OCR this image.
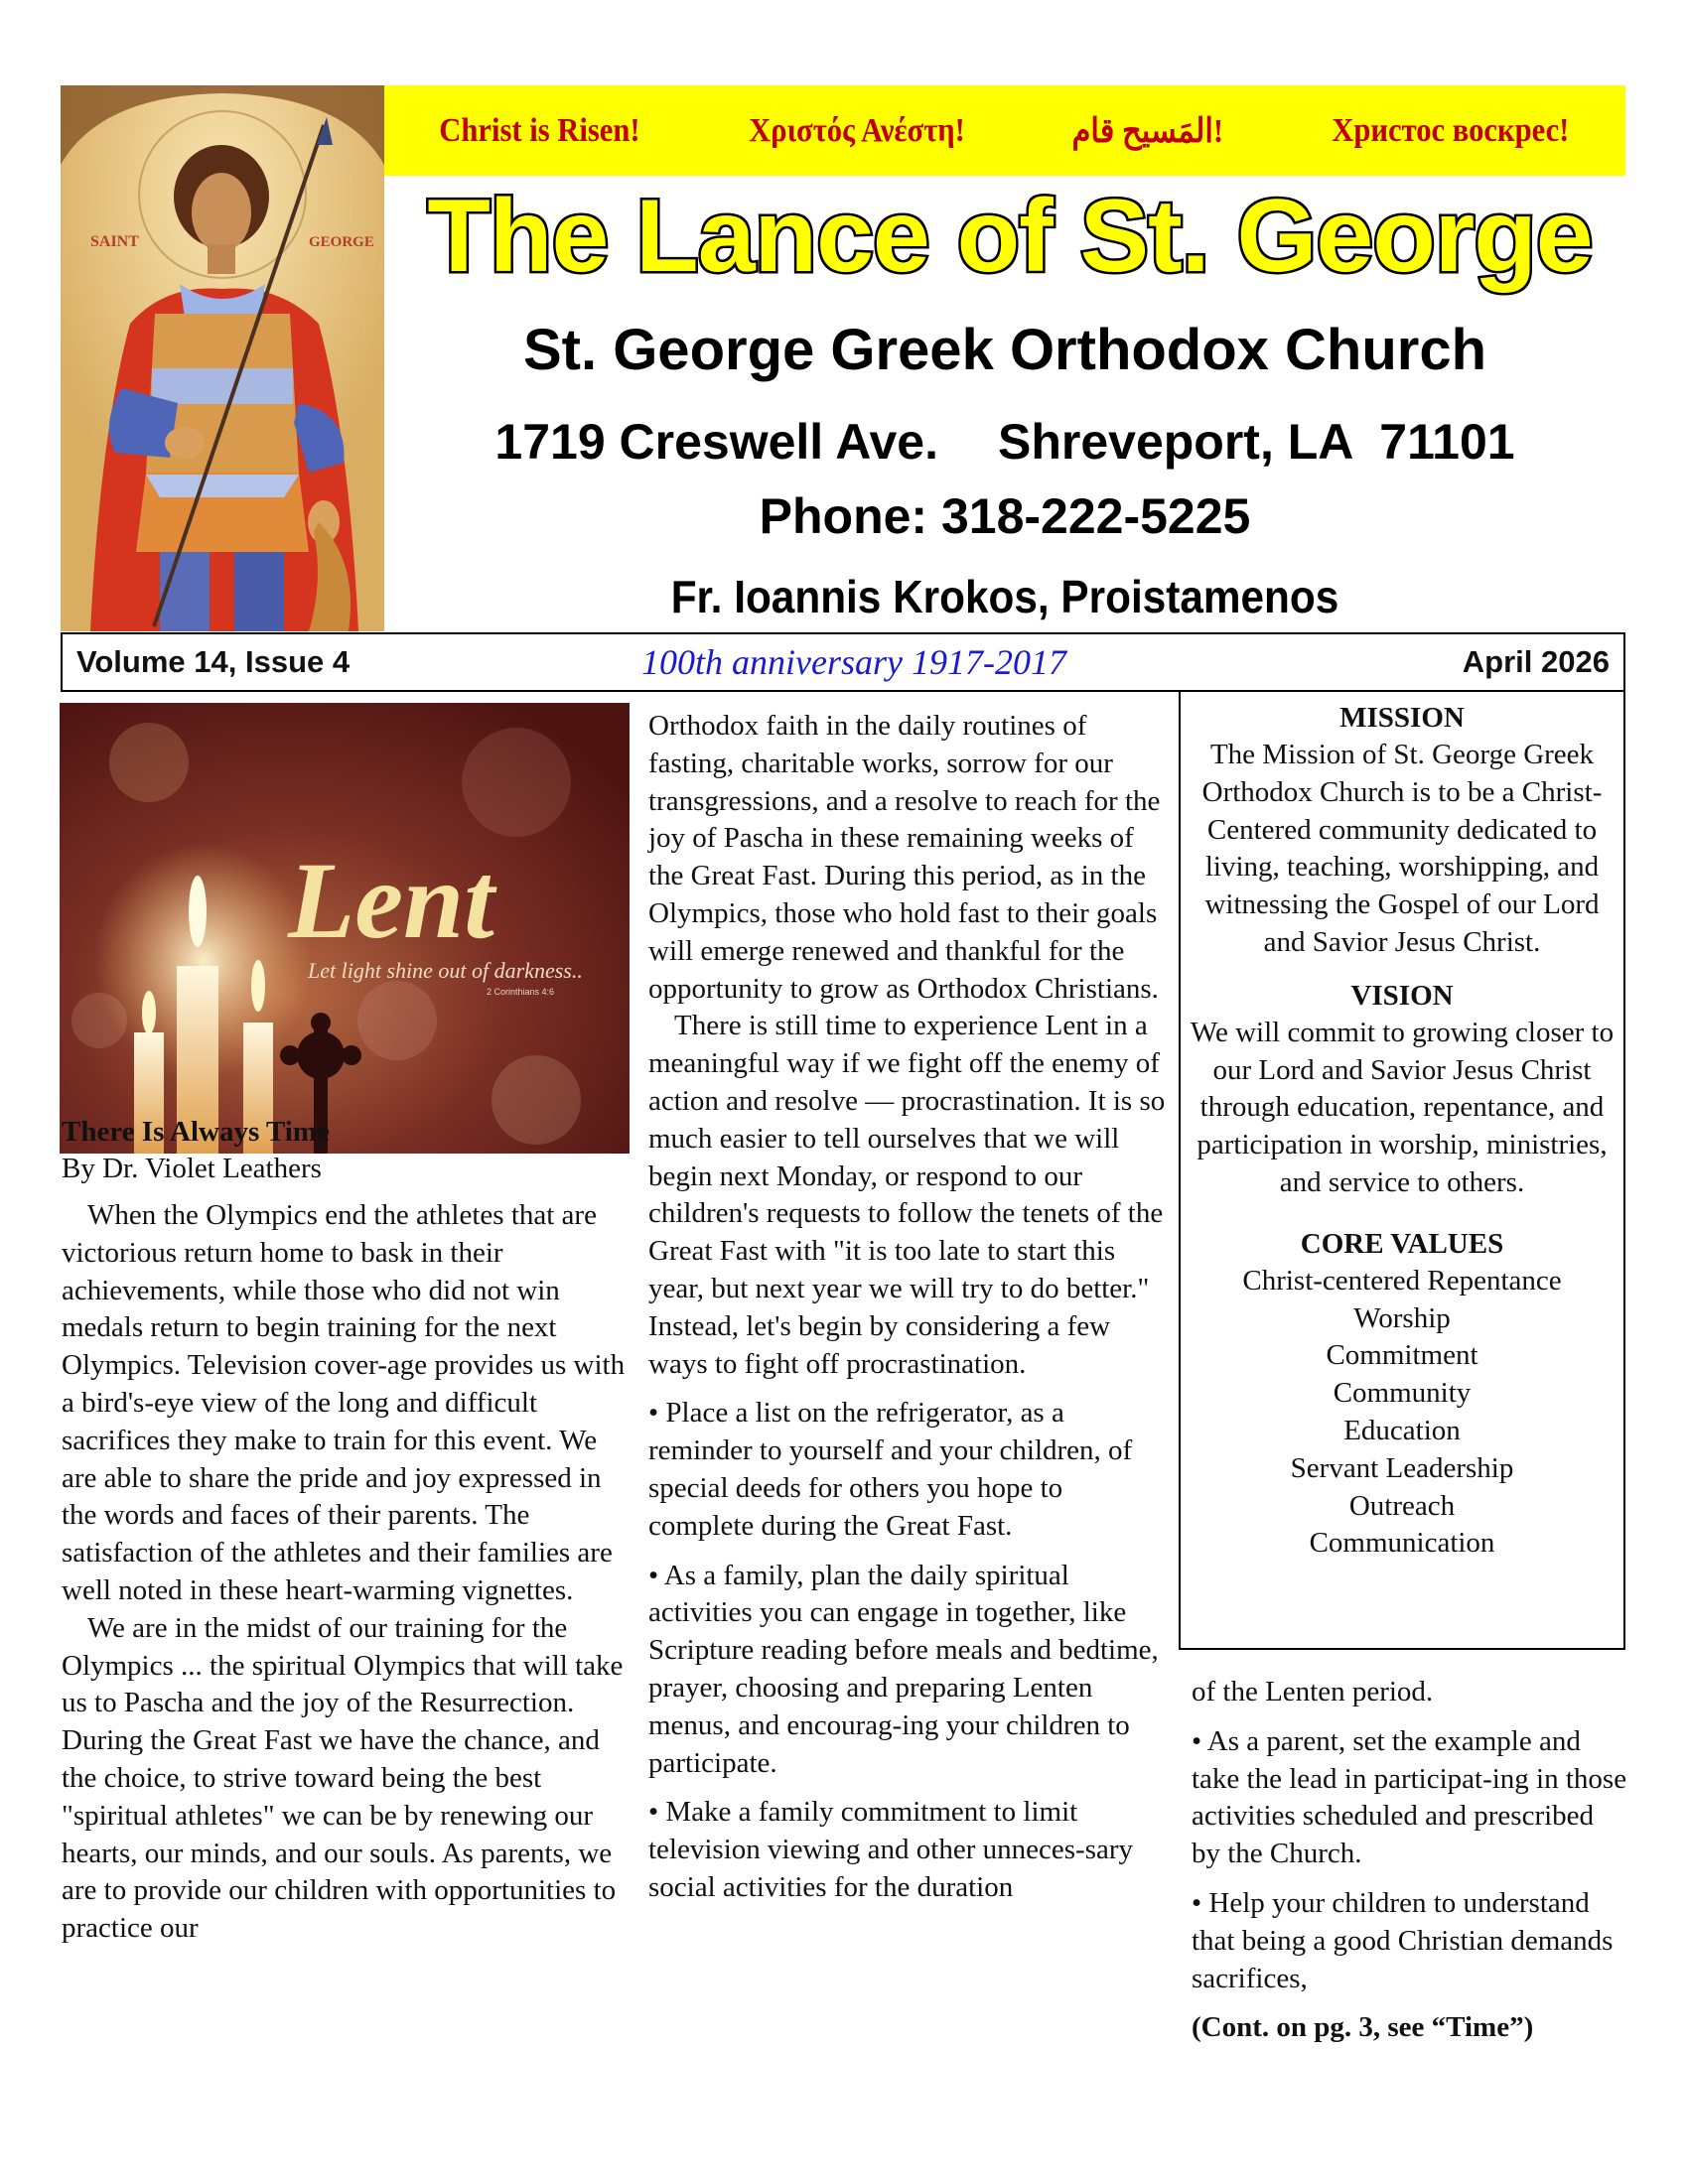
SAINT	GEORGE
Christ is Risen!	Χριστός Ανέστη!	!المَسيح قام	Христос воскрес!
The Lance of St. George
St. George Greek Orthodox Church
1719 Creswell Ave. Shreveport, LA  71101
Phone: 318-222-5225
Fr. Ioannis Krokos, Proistamenos
Volume 14, Issue 4	100th anniversary 1917-2017	April 2026
Lent
Let light shine out of darkness..
2 Corinthians 4:6

There Is Always Time

By Dr. Violet Leathers

When the Olympics end the athletes that are victorious return home to bask in their achievements, while those who did not win medals return to begin training for the next Olympics. Television cover-age provides us with a bird's-eye view of the long and difficult sacrifices they make to train for this event. We are able to share the pride and joy expressed in the words and faces of their parents. The satisfaction of the athletes and their families are well noted in these heart-warming vignettes.

We are in the midst of our training for the Olympics ... the spiritual Olympics that will take us to Pascha and the joy of the Resurrection. During the Great Fast we have the chance, and the choice, to strive toward being the best "spiritual athletes" we can be by renewing our hearts, our minds, and our souls. As parents, we are to provide our children with opportunities to practice our

Orthodox faith in the daily routines of fasting, charitable works, sorrow for our transgressions, and a resolve to reach for the joy of Pascha in these remaining weeks of the Great Fast. During this period, as in the Olympics, those who hold fast to their goals will emerge renewed and thankful for the opportunity to grow as Orthodox Christians.

There is still time to experience Lent in a meaningful way if we fight off the enemy of action and resolve — procrastination. It is so much easier to tell ourselves that we will begin next Monday, or respond to our children's requests to follow the tenets of the Great Fast with "it is too late to start this year, but next year we will try to do better." Instead, let's begin by considering a few ways to fight off procrastination.

• Place a list on the refrigerator, as a reminder to yourself and your children, of special deeds for others you hope to complete during the Great Fast.

• As a family, plan the daily spiritual activities you can engage in together, like Scripture reading before meals and bedtime, prayer, choosing and preparing Lenten menus, and encourag-ing your children to participate.

• Make a family commitment to limit television viewing and other unneces-sary social activities for the duration

MISSION
The Mission of St. George Greek Orthodox Church is to be a Christ-Centered community dedicated to living, teaching, worshipping, and witnessing the Gospel of our Lord and Savior Jesus Christ.
VISION
We will commit to growing closer to our Lord and Savior Jesus Christ through education, repentance, and participation in worship, ministries, and service to others.
CORE VALUES
Christ-centered Repentance
Worship
Commitment
Community
Education
Servant Leadership
Outreach
Communication

of the Lenten period.

• As a parent, set the example and take the lead in participat-ing in those activities scheduled and prescribed by the Church.

• Help your children to understand that being a good Christian demands sacrifices,

(Cont. on pg. 3, see “Time”)
